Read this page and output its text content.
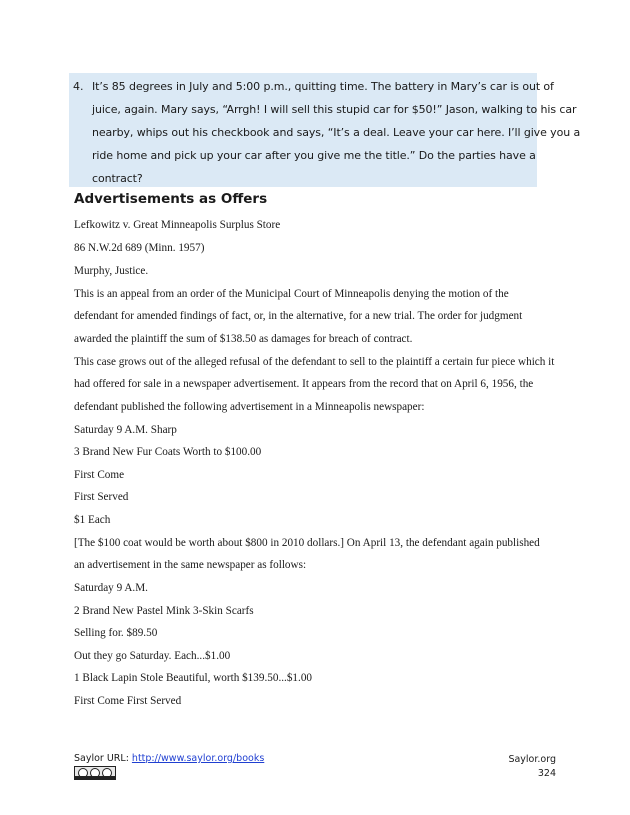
4. It’s 85 degrees in July and 5:00 p.m., quitting time. The battery in Mary’s car is out of
juice, again. Mary says, “Arrgh! I will sell this stupid car for $50!” Jason, walking to his car
nearby, whips out his checkbook and says, “It’s a deal. Leave your car here. I’ll give you a
ride home and pick up your car after you give me the title.” Do the parties have a
contract?
Advertisements as Offers
Lefkowitz v. Great Minneapolis Surplus Store
86 N.W.2d 689 (Minn. 1957)
Murphy, Justice.
This is an appeal from an order of the Municipal Court of Minneapolis denying the motion of the
defendant for amended findings of fact, or, in the alternative, for a new trial. The order for judgment
awarded the plaintiff the sum of $138.50 as damages for breach of contract.
This case grows out of the alleged refusal of the defendant to sell to the plaintiff a certain fur piece which it
had offered for sale in a newspaper advertisement. It appears from the record that on April 6, 1956, the
defendant published the following advertisement in a Minneapolis newspaper:
Saturday 9 A.M. Sharp
3 Brand New Fur Coats Worth to $100.00
First Come
First Served
$1 Each
[The $100 coat would be worth about $800 in 2010 dollars.] On April 13, the defendant again published
an advertisement in the same newspaper as follows:
Saturday 9 A.M.
2 Brand New Pastel Mink 3-Skin Scarfs
Selling for. $89.50
Out they go Saturday. Each...$1.00
1 Black Lapin Stole Beautiful, worth $139.50...$1.00
First Come First Served
Saylor URL: http://www.saylor.org/books	Saylor.org
324
